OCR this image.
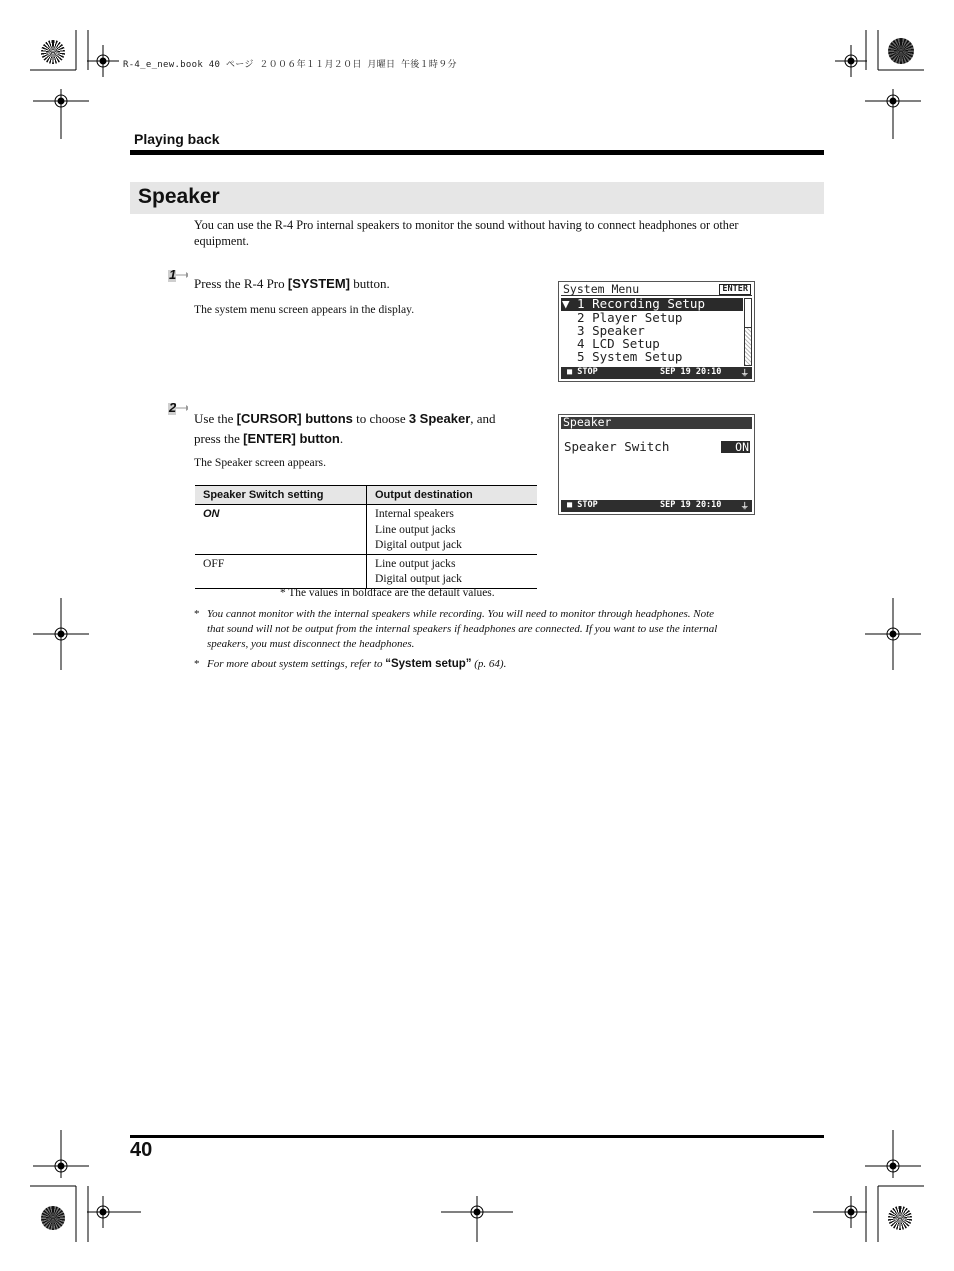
R-4_e_new.book 40 ページ ２００６年１１月２０日 月曜日 午後１時９分
Playing back
Speaker
You can use the R-4 Pro internal speakers to monitor the sound without having to connect headphones or other equipment.
1
Press the R-4 Pro [SYSTEM] button.
The system menu screen appears in the display.
System Menu	ENTER
▼ 1 Recording Setup
2 Player Setup
3 Speaker
4 LCD Setup
5 System Setup
■ STOP	SEP 19 20:10 ⏚
2
Use the [CURSOR] buttons to choose 3 Speaker, and
press the [ENTER] button.
The Speaker screen appears.
Speaker
Speaker Switch	ON
■ STOP	SEP 19 20:10 ⏚
Speaker Switch setting	Output destination
ON	Internal speakers
Line output jacks
Digital output jack

OFF	Line output jacks
Digital output jack
* The values in boldface are the default values.
* You cannot monitor with the internal speakers while recording. You will need to monitor through headphones. Note
that sound will not be output from the internal speakers if headphones are connected. If you want to use the internal
speakers, you must disconnect the headphones.
* For more about system settings, refer to “System setup” (p. 64).
40
